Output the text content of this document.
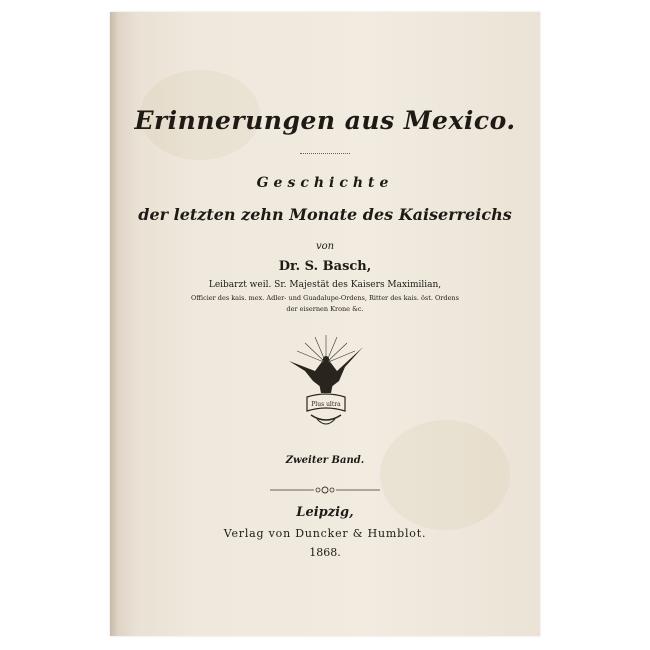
Erinnerungen aus Mexico.
Geschichte
der letzten zehn Monate des Kaiserreichs
von
Dr. S. Basch,
Leibarzt weil. Sr. Majestät des Kaisers Maximilian,
Officier des kais. mex. Adler- und Guadalupe-Ordens, Ritter des kais. öst. Ordens
der eisernen Krone &c.
Plus ultra
Zweiter Band.
Leipzig,
Verlag von Duncker & Humblot.
1868.
